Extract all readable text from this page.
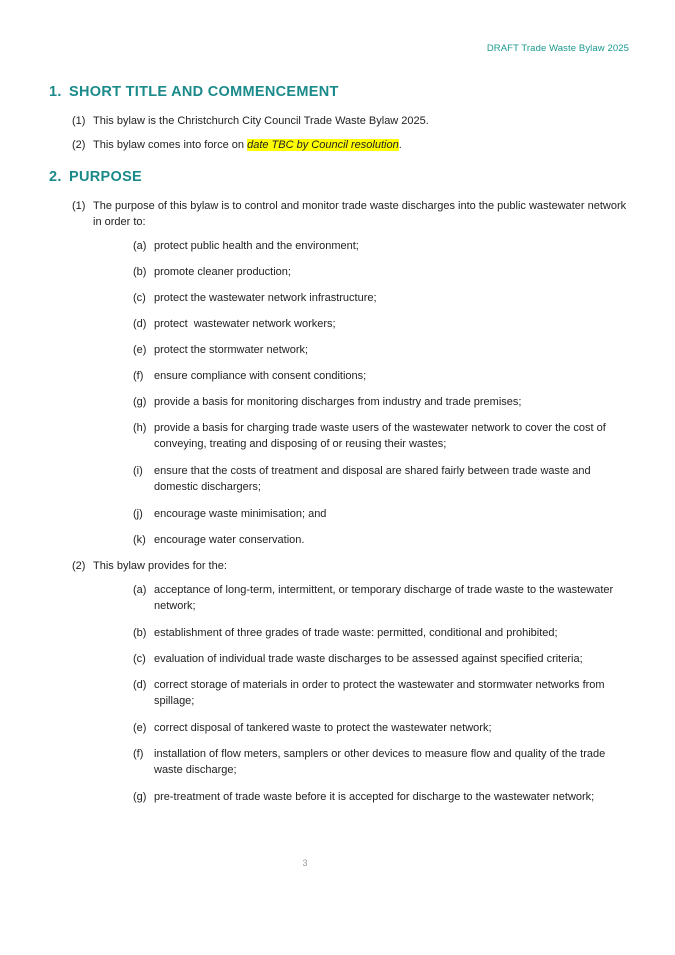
DRAFT Trade Waste Bylaw 2025
1. SHORT TITLE AND COMMENCEMENT
(1) This bylaw is the Christchurch City Council Trade Waste Bylaw 2025.
(2) This bylaw comes into force on date TBC by Council resolution.
2. PURPOSE
(1) The purpose of this bylaw is to control and monitor trade waste discharges into the public wastewater network in order to:
(a) protect public health and the environment;
(b) promote cleaner production;
(c) protect the wastewater network infrastructure;
(d) protect  wastewater network workers;
(e) protect the stormwater network;
(f) ensure compliance with consent conditions;
(g) provide a basis for monitoring discharges from industry and trade premises;
(h) provide a basis for charging trade waste users of the wastewater network to cover the cost of conveying, treating and disposing of or reusing their wastes;
(i) ensure that the costs of treatment and disposal are shared fairly between trade waste and domestic dischargers;
(j) encourage waste minimisation; and
(k) encourage water conservation.
(2) This bylaw provides for the:
(a) acceptance of long-term, intermittent, or temporary discharge of trade waste to the wastewater network;
(b) establishment of three grades of trade waste: permitted, conditional and prohibited;
(c) evaluation of individual trade waste discharges to be assessed against specified criteria;
(d) correct storage of materials in order to protect the wastewater and stormwater networks from spillage;
(e) correct disposal of tankered waste to protect the wastewater network;
(f) installation of flow meters, samplers or other devices to measure flow and quality of the trade waste discharge;
(g) pre-treatment of trade waste before it is accepted for discharge to the wastewater network;
3
